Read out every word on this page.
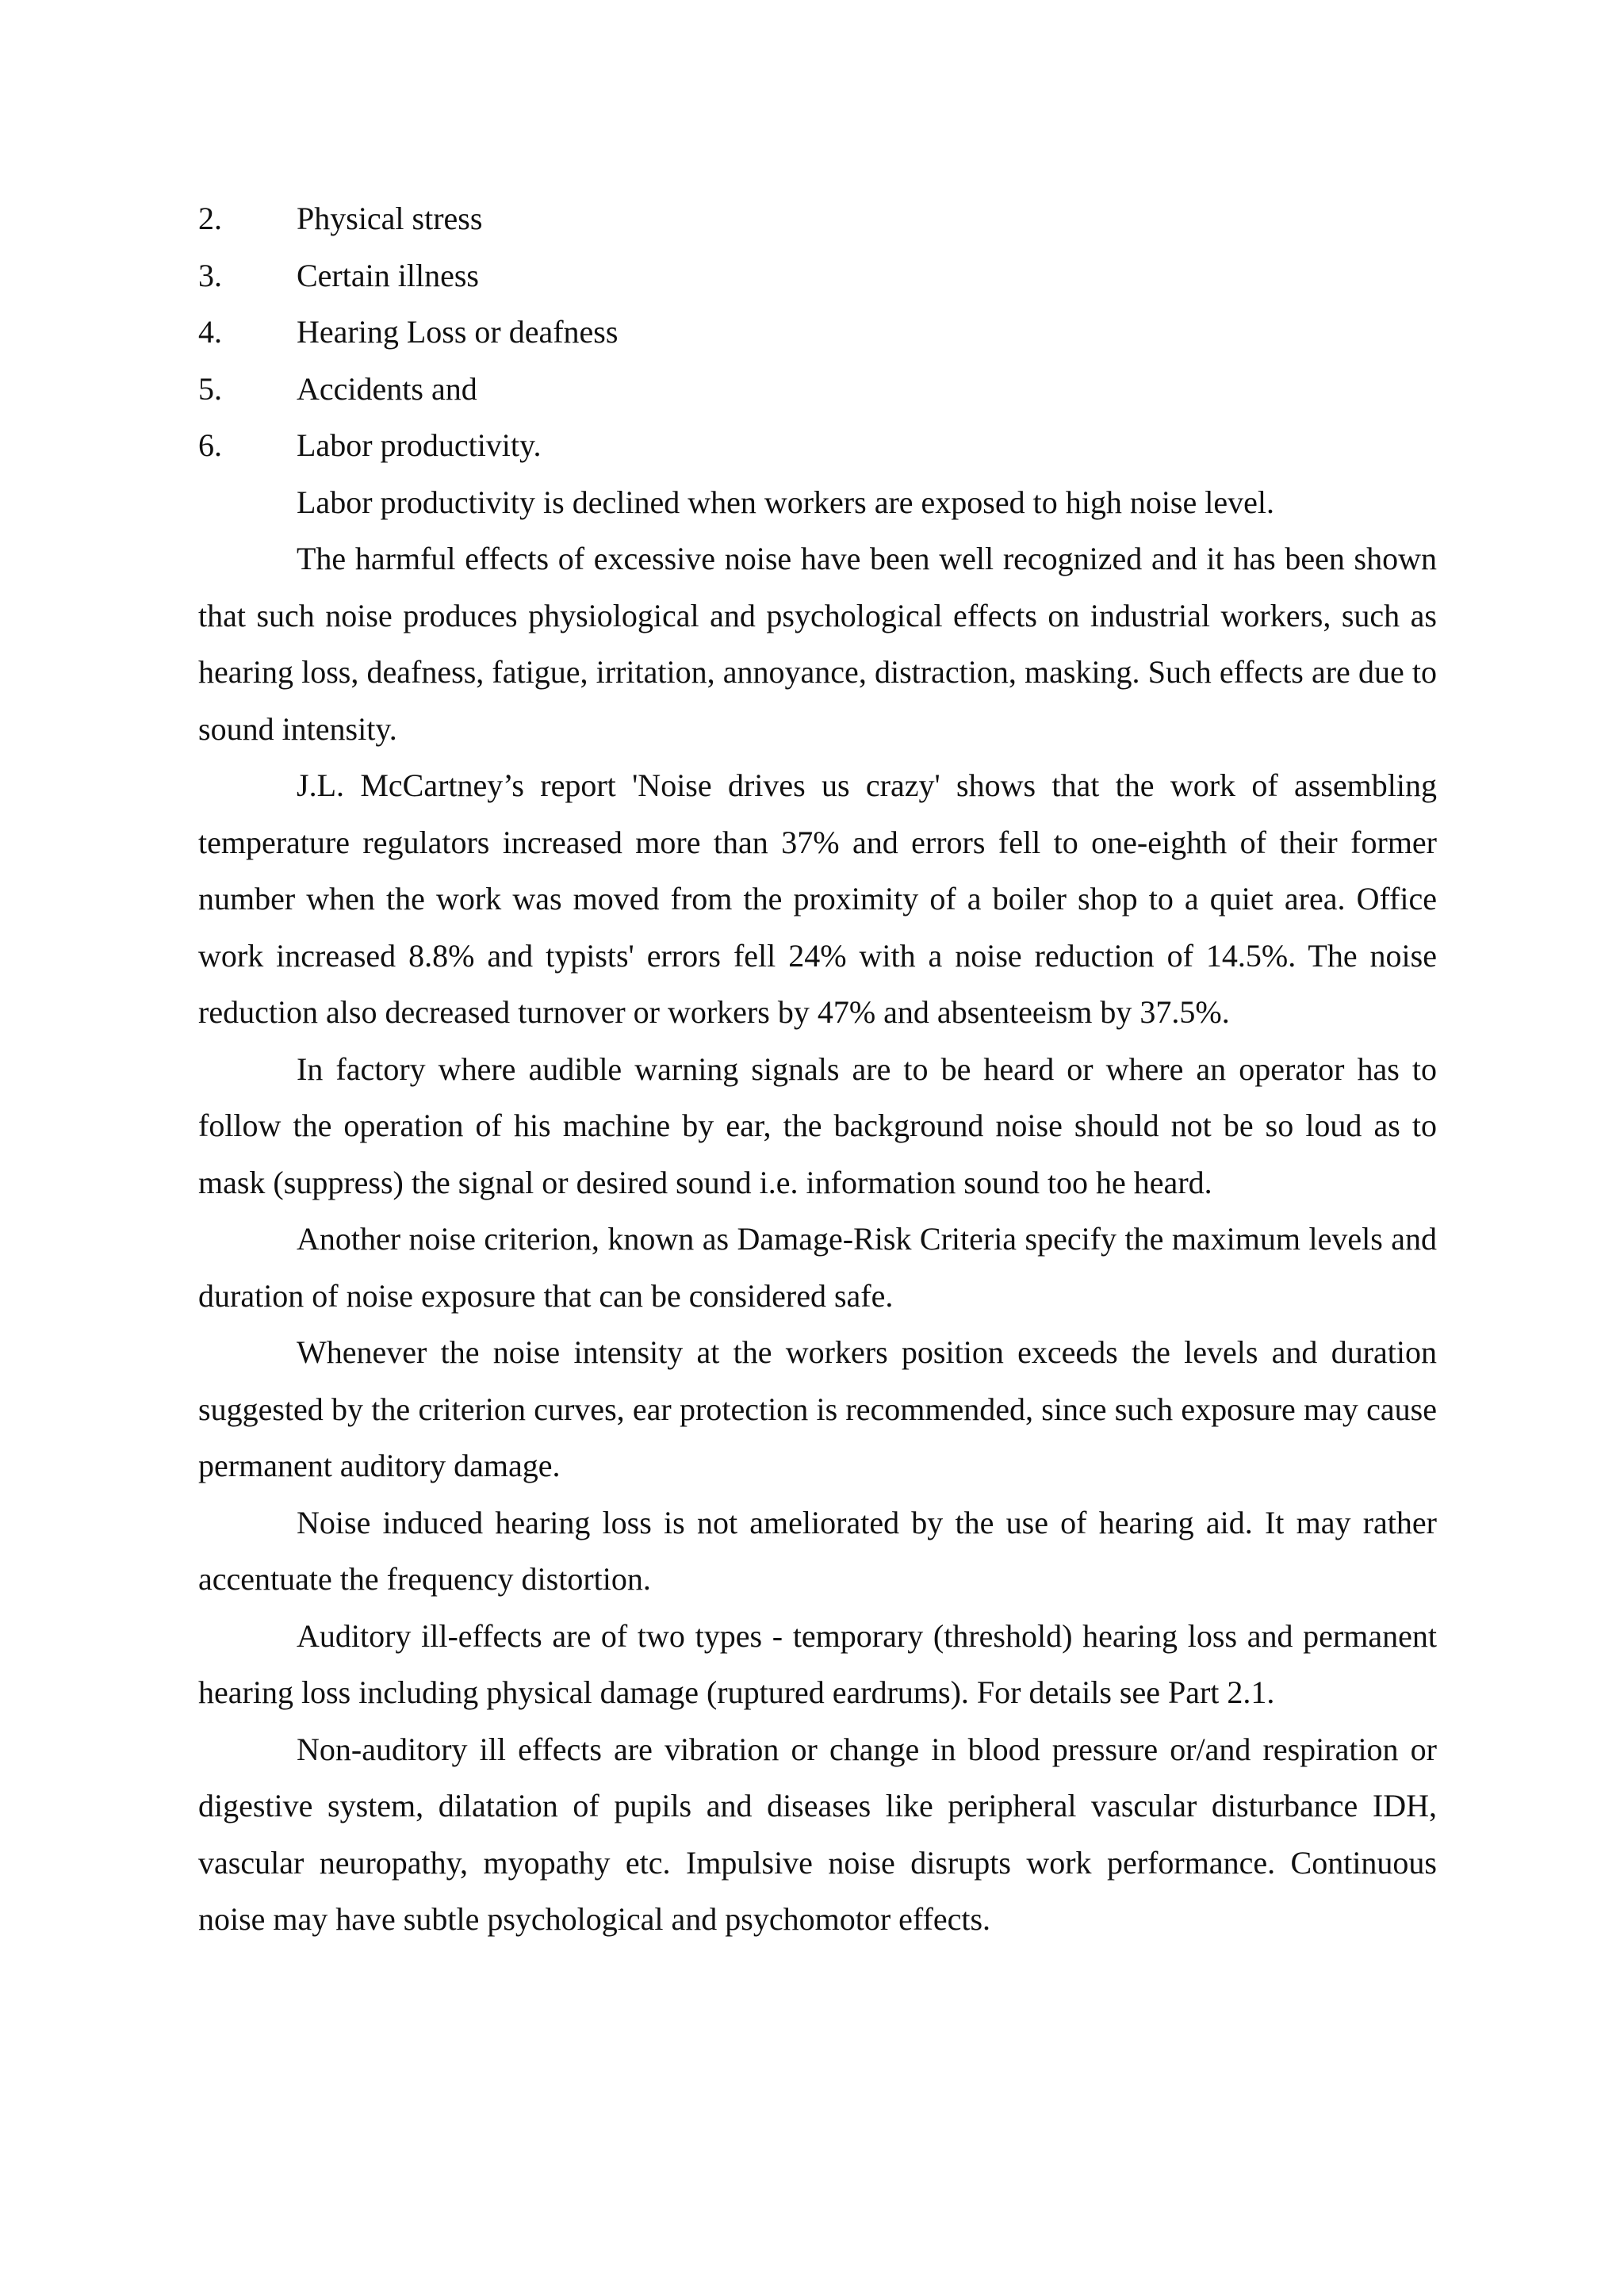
2.	Physical stress
3.	Certain illness
4.	Hearing Loss or deafness
5.	Accidents and
6.	Labor productivity.

Labor productivity is declined when workers are exposed to high noise level.

The harmful effects of excessive noise have been well recognized and it has been shown that such noise produces physiological and psychological effects on industrial workers, such as hearing loss, deafness, fatigue, irritation, annoyance, distraction, masking. Such effects are due to sound intensity.

J.L. McCartney’s report 'Noise drives us crazy' shows that the work of assembling temperature regulators increased more than 37% and errors fell to one-eighth of their former number when the work was moved from the proximity of a boiler shop to a quiet area. Office work increased 8.8% and typists' errors fell 24% with a noise reduction of 14.5%. The noise reduction also decreased turnover or workers by 47% and absenteeism by 37.5%.

In factory where audible warning signals are to be heard or where an operator has to follow the operation of his machine by ear, the background noise should not be so loud as to mask (suppress) the signal or desired sound i.e. information sound too he heard.

Another noise criterion, known as Damage-Risk Criteria specify the maximum levels and duration of noise exposure that can be considered safe.

Whenever the noise intensity at the workers position exceeds the levels and duration suggested by the criterion curves, ear protection is recommended, since such exposure may cause permanent auditory damage.

Noise induced hearing loss is not ameliorated by the use of hearing aid. It may rather accentuate the frequency distortion.

Auditory ill-effects are of two types - temporary (threshold) hearing loss and permanent hearing loss including physical damage (ruptured eardrums). For details see Part 2.1.

Non-auditory ill effects are vibration or change in blood pressure or/and respiration or digestive system, dilatation of pupils and diseases like peripheral vascular disturbance IDH, vascular neuropathy, myopathy etc. Impulsive noise disrupts work performance. Continuous noise may have subtle psychological and psychomotor effects.
